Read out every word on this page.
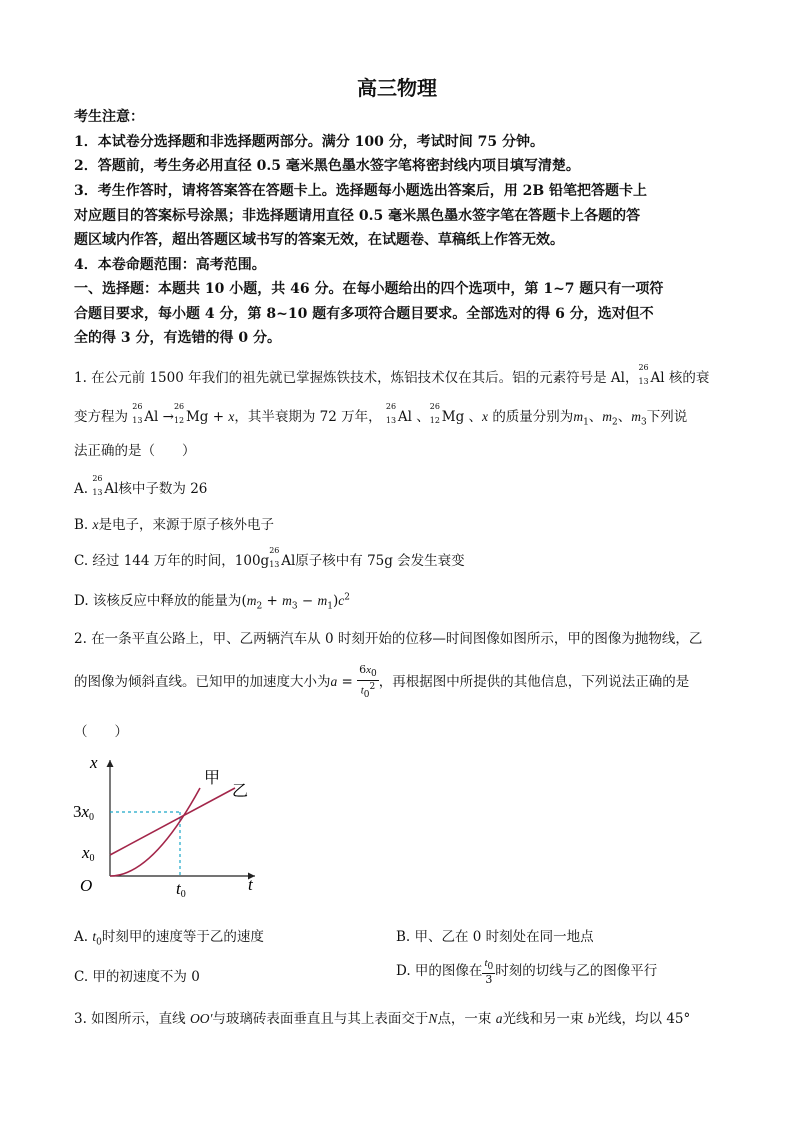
高三物理
考生注意：
1．本试卷分选择题和非选择题两部分。满分 100 分，考试时间 75 分钟。
2．答题前，考生务必用直径 0.5 毫米黑色墨水签字笔将密封线内项目填写清楚。
3．考生作答时，请将答案答在答题卡上。选择题每小题选出答案后，用 2B 铅笔把答题卡上
对应题目的答案标号涂黑；非选择题请用直径 0.5 毫米黑色墨水签字笔在答题卡上各题的答
题区域内作答，超出答题区域书写的答案无效，在试题卷、草稿纸上作答无效。
4．本卷命题范围：高考范围。
一、选择题：本题共 10 小题，共 46 分。在每小题给出的四个选项中，第 1~7 题只有一项符
合题目要求，每小题 4 分，第 8~10 题有多项符合题目要求。全部选对的得 6 分，选对但不
全的得 3 分，有选错的得 0 分。
1. 在公元前 1500 年我们的祖先就已掌握炼铁技术，炼铝技术仅在其后。铝的元素符号是 Al，
26
13 Al 核的衰
变方程为
26
13 Al →
26
12 Mg + x，其半衰期为 72 万年，
26
13 Al 、
26
12 Mg 、x 的质量分别为$m_1$、$m_2$、$m_3$下列说
法正确的是（　　）
A.
26
13 Al核中子数为 26
B. x是电子，来源于原子核外电子
C. 经过 144 万年的时间，100g
26
13 Al原子核中有 75g 会发生衰变
D. 该核反应中释放的能量为$(m_2 + m_3 - m_1)c^2$
2. 在一条平直公路上，甲、乙两辆汽车从 0 时刻开始的位移—时间图像如图所示，甲的图像为抛物线，乙
的图像为倾斜直线。已知甲的加速度大小为$a = \frac{6x_0}{t_0^2}$ ，再根据图中所提供的其他信息，下列说法正确的是
（　　）
x
t
O
3x0
x0
t0
甲
乙
A. $t_0$时刻甲的速度等于乙的速度	B. 甲、乙在 0 时刻处在同一地点
C. 甲的初速度不为 0	D. 甲的图像在 $\frac{t_0}{3}$ 时刻的切线与乙的图像平行
3. 如图所示，直线 OO′与玻璃砖表面垂直且与其上表面交于N点，一束 a光线和另一束 b光线，均以 45°
